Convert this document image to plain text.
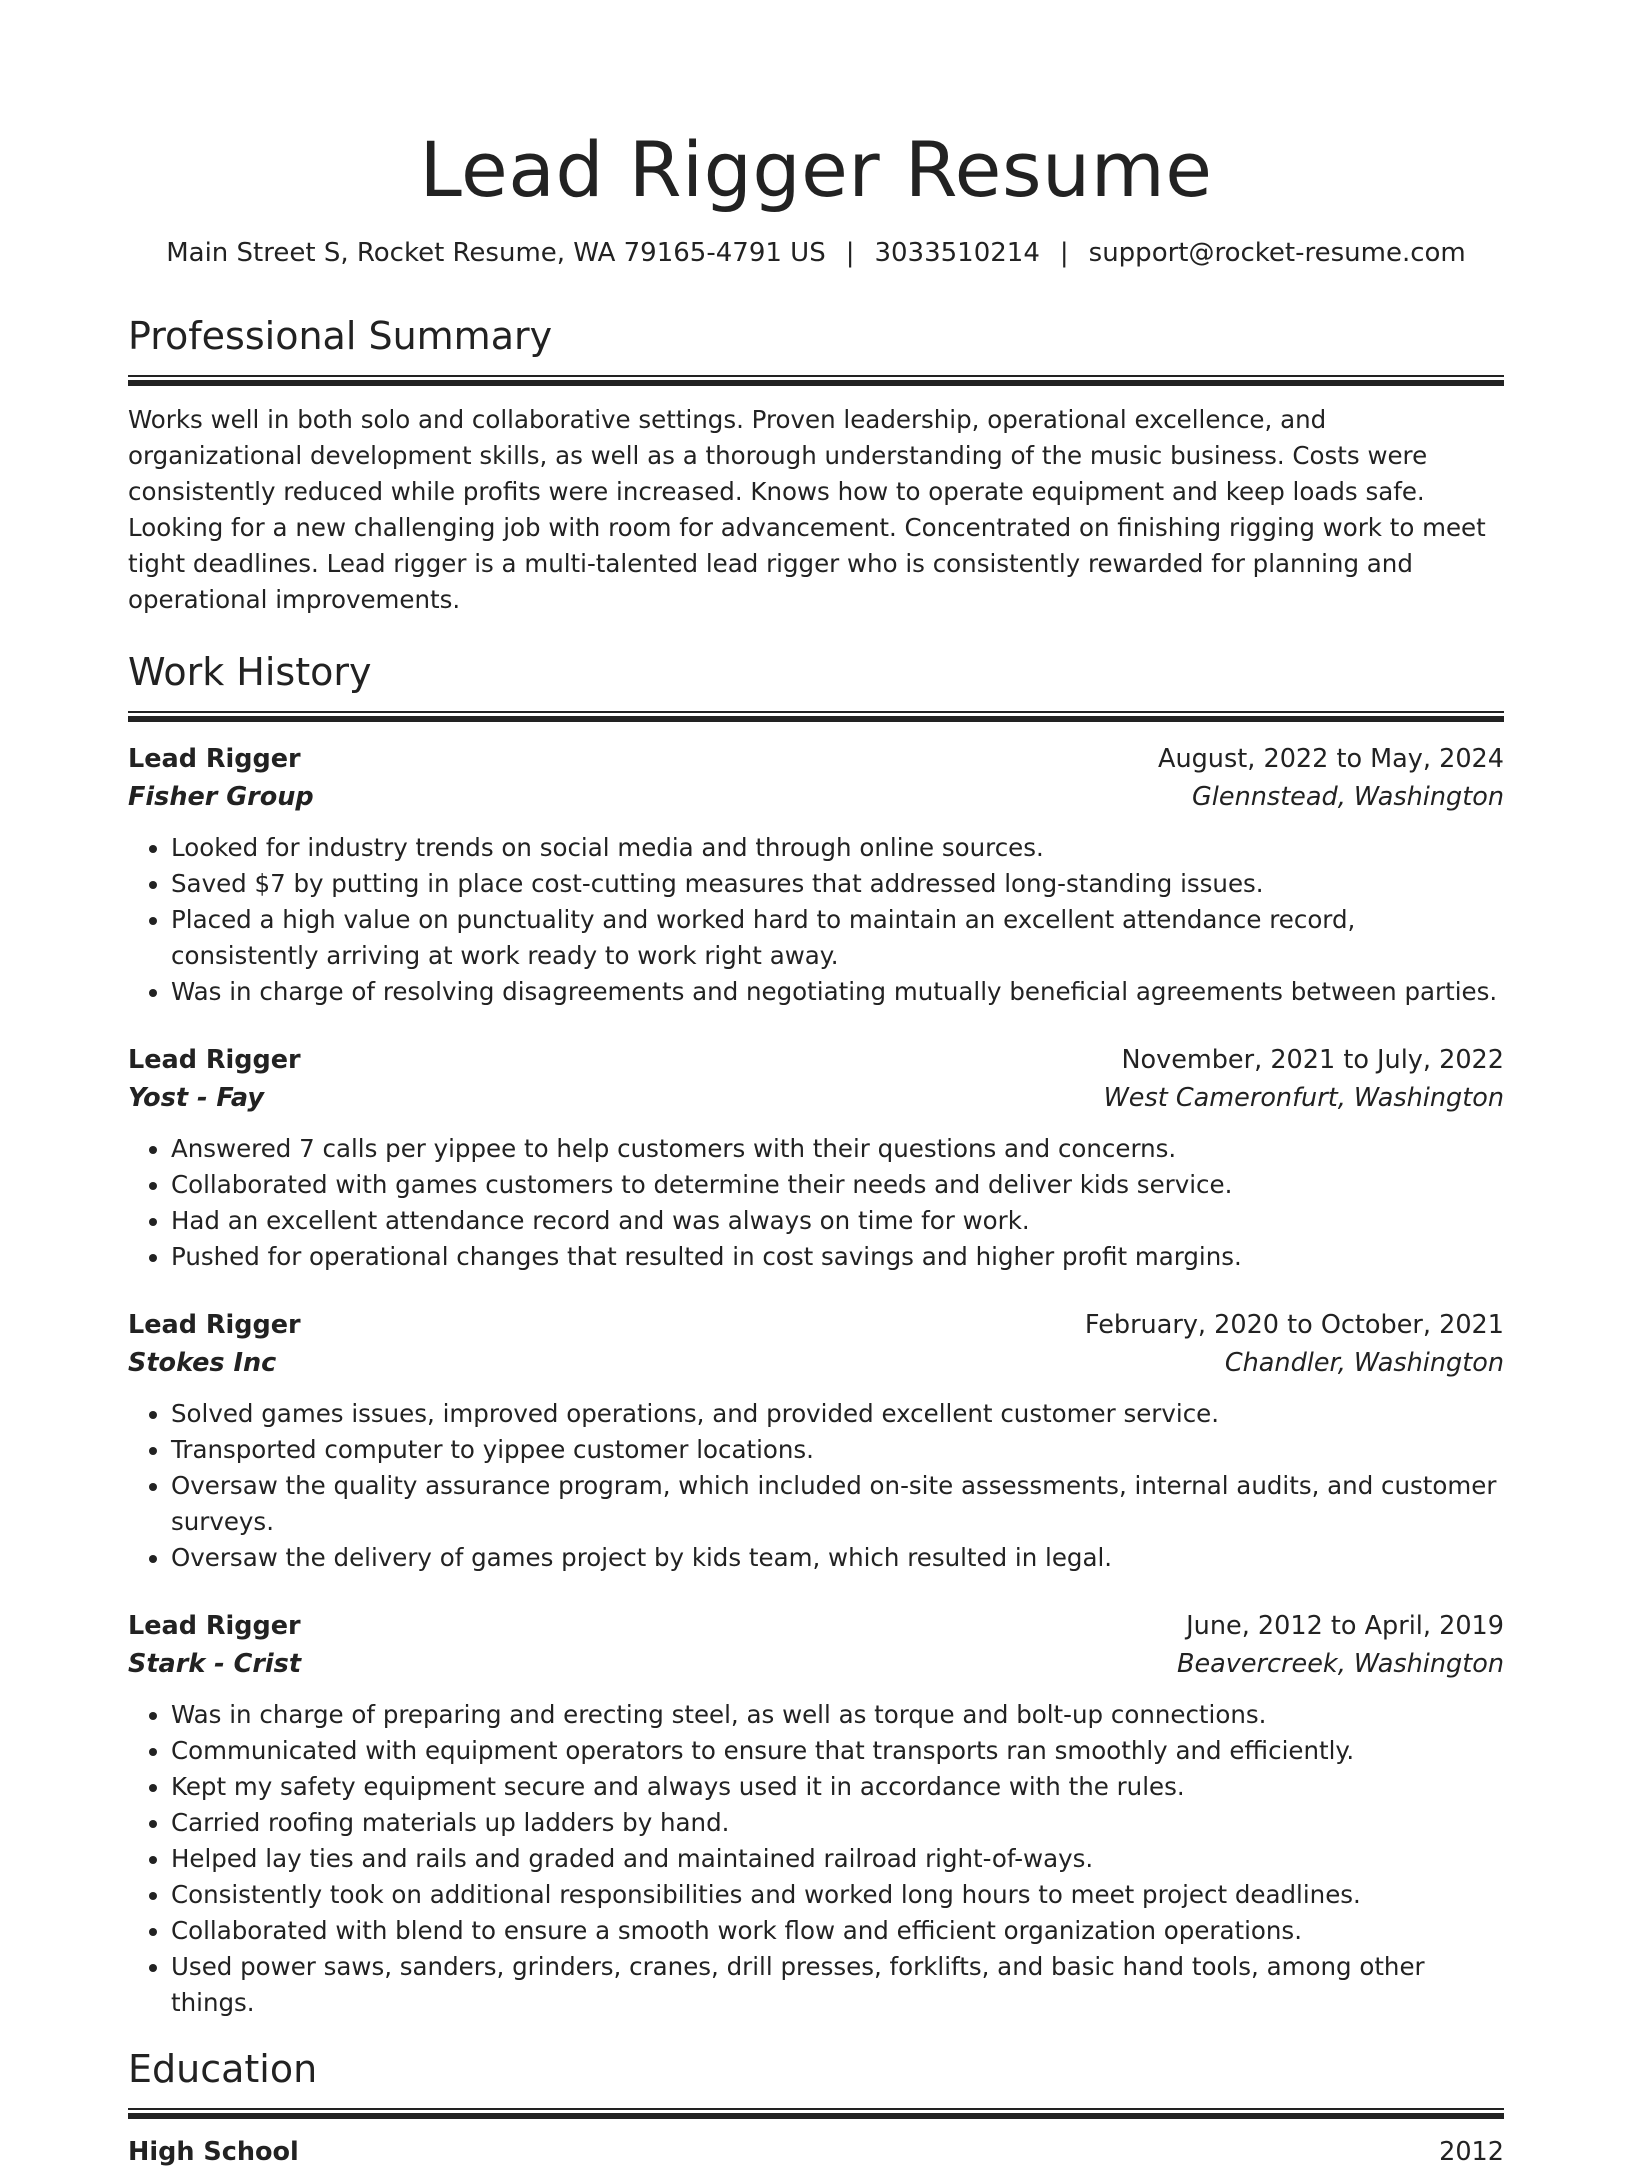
Lead Rigger Resume
Main Street S, Rocket Resume, WA 79165-4791 US | 3033510214 | support@rocket-resume.com
Professional Summary

Works well in both solo and collaborative settings. Proven leadership, operational excellence, and organizational development skills, as well as a thorough understanding of the music business. Costs were consistently reduced while profits were increased. Knows how to operate equipment and keep loads safe. Looking for a new challenging job with room for advancement. Concentrated on finishing rigging work to meet tight deadlines. Lead rigger is a multi-talented lead rigger who is consistently rewarded for planning and operational improvements.

Work History
Lead Rigger	August, 2022 to May, 2024
Fisher Group	Glennstead, Washington
• Looked for industry trends on social media and through online sources.
• Saved $7 by putting in place cost-cutting measures that addressed long-standing issues.
• Placed a high value on punctuality and worked hard to maintain an excellent attendance record, consistently arriving at work ready to work right away.
• Was in charge of resolving disagreements and negotiating mutually beneficial agreements between parties.
Lead Rigger	November, 2021 to July, 2022
Yost - Fay	West Cameronfurt, Washington
• Answered 7 calls per yippee to help customers with their questions and concerns.
• Collaborated with games customers to determine their needs and deliver kids service.
• Had an excellent attendance record and was always on time for work.
• Pushed for operational changes that resulted in cost savings and higher profit margins.
Lead Rigger	February, 2020 to October, 2021
Stokes Inc	Chandler, Washington
• Solved games issues, improved operations, and provided excellent customer service.
• Transported computer to yippee customer locations.
• Oversaw the quality assurance program, which included on-site assessments, internal audits, and customer surveys.
• Oversaw the delivery of games project by kids team, which resulted in legal.
Lead Rigger	June, 2012 to April, 2019
Stark - Crist	Beavercreek, Washington
• Was in charge of preparing and erecting steel, as well as torque and bolt-up connections.
• Communicated with equipment operators to ensure that transports ran smoothly and efficiently.
• Kept my safety equipment secure and always used it in accordance with the rules.
• Carried roofing materials up ladders by hand.
• Helped lay ties and rails and graded and maintained railroad right-of-ways.
• Consistently took on additional responsibilities and worked long hours to meet project deadlines.
• Collaborated with blend to ensure a smooth work flow and efficient organization operations.
• Used power saws, sanders, grinders, cranes, drill presses, forklifts, and basic hand tools, among other things.
Education
High School	2012
